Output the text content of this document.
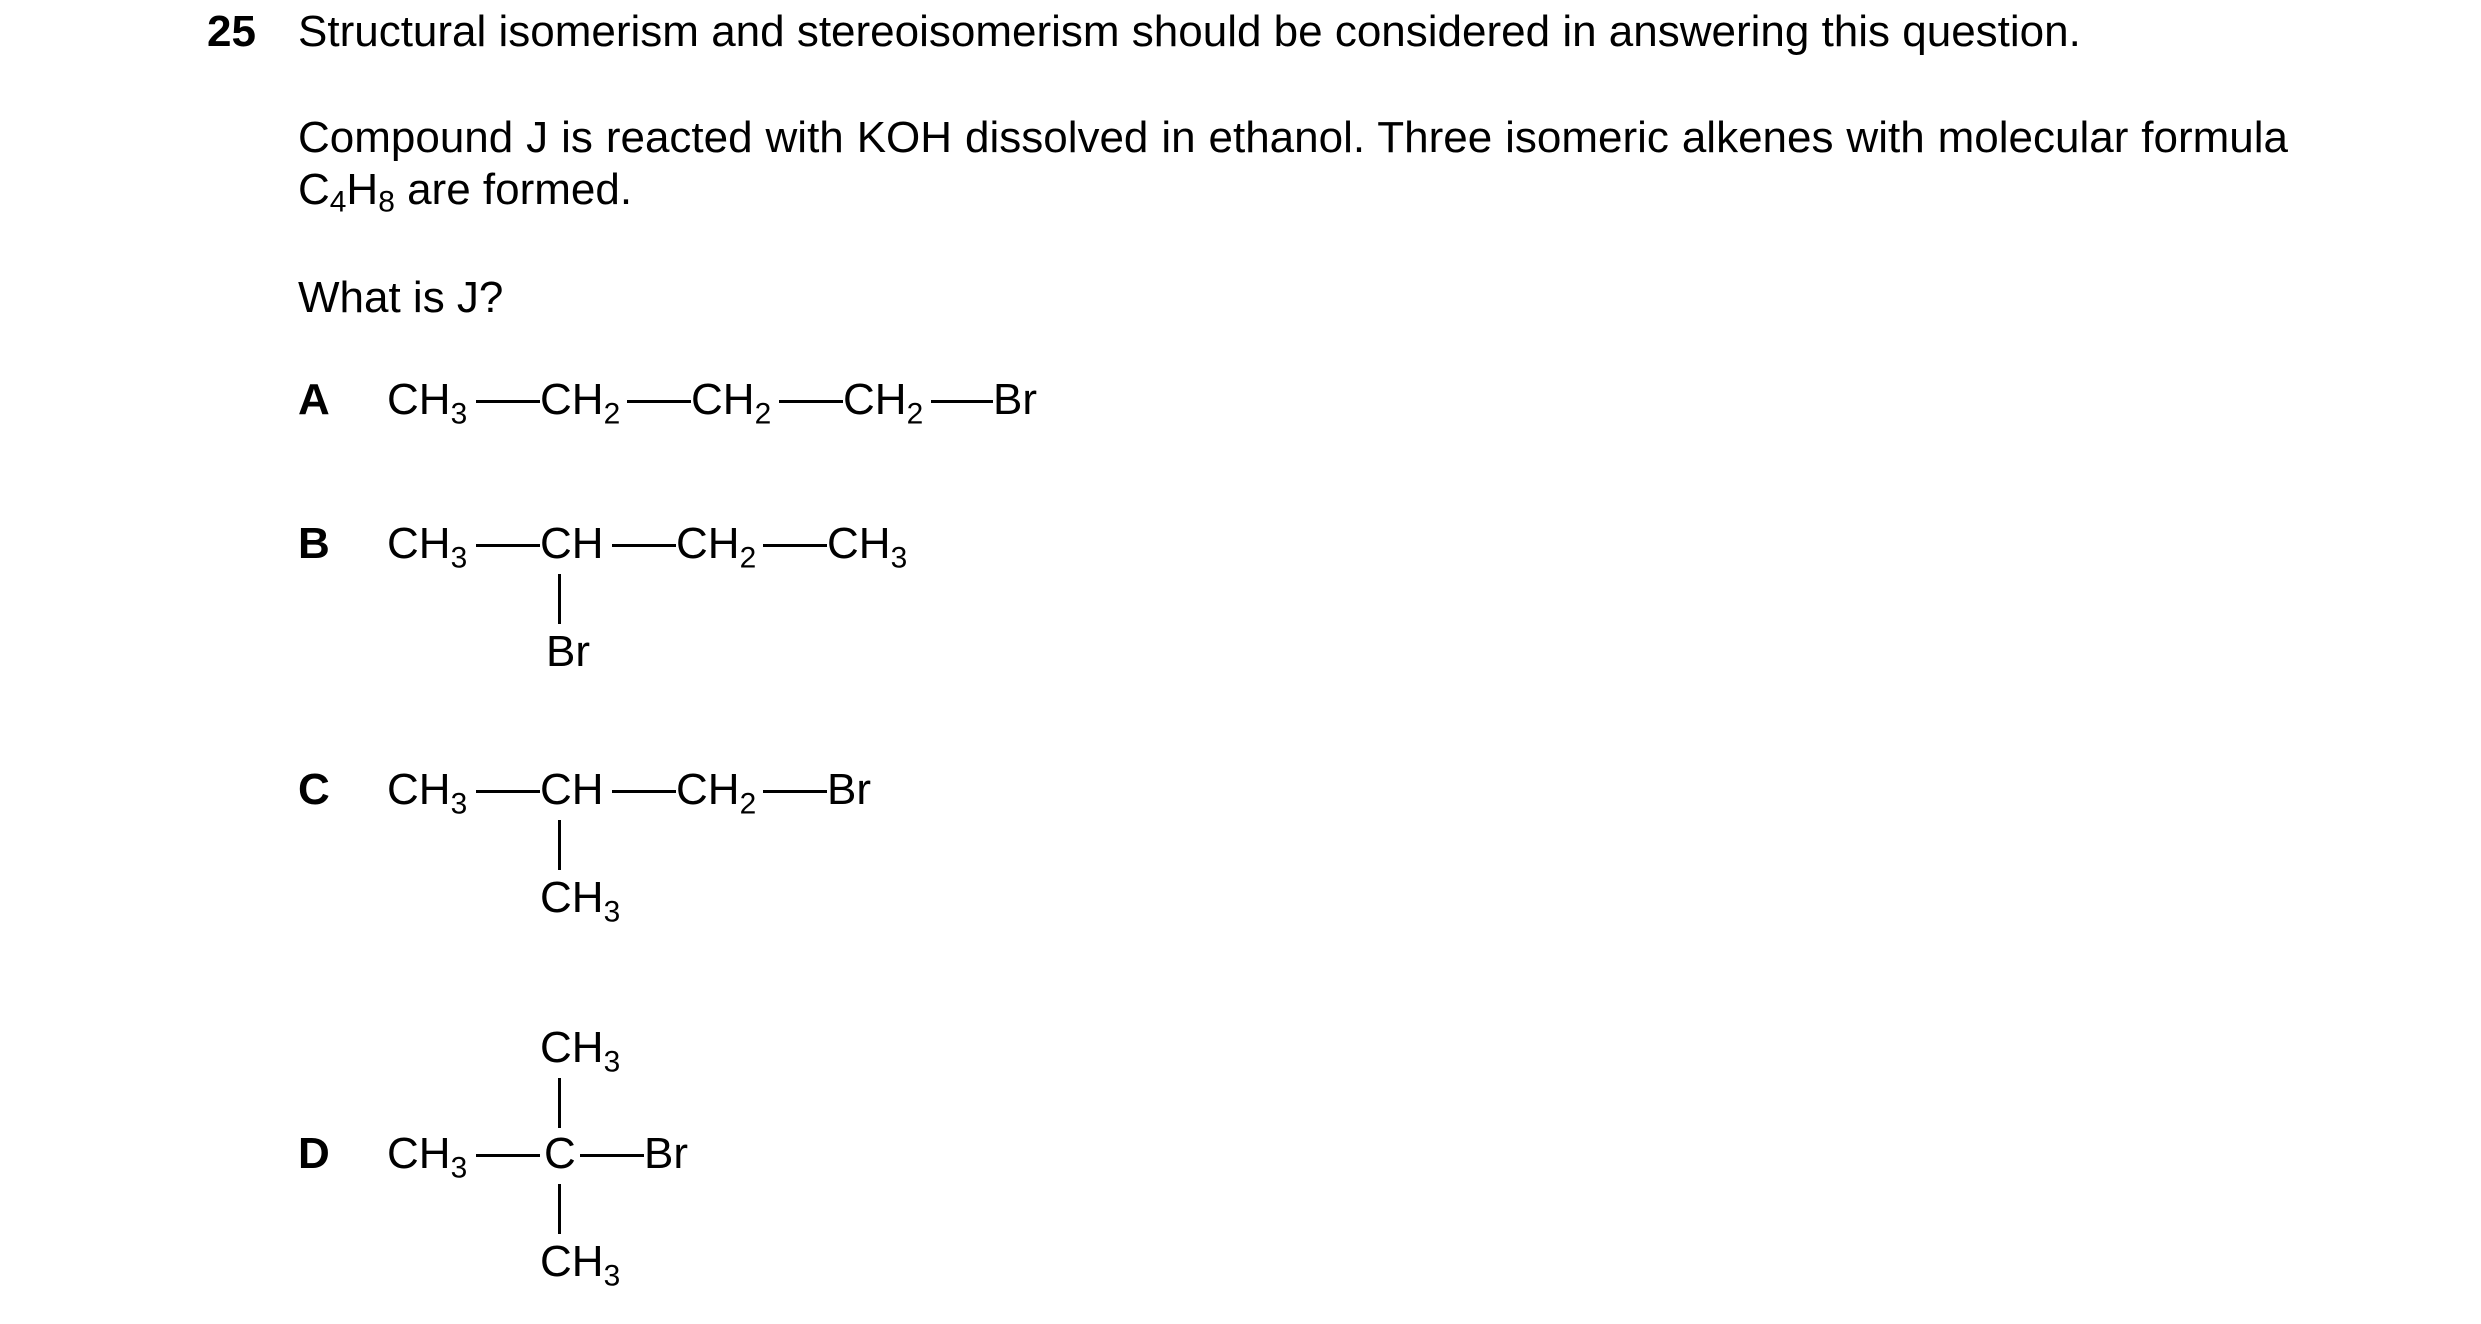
25 Structural isomerism and stereoisomerism should be considered in answering this question.
Compound J is reacted with KOH dissolved in ethanol. Three isomeric alkenes with molecular formula $C_4H_8$ are formed.
What is J?
A $CH_3$ $CH_2$ $CH_2$ $CH_2$ Br
B $CH_3$ CH $CH_2$ $CH_3$
Br
C $CH_3$ CH $CH_2$ Br
$CH_3$
$CH_3$
D $CH_3$ C Br
$CH_3$
